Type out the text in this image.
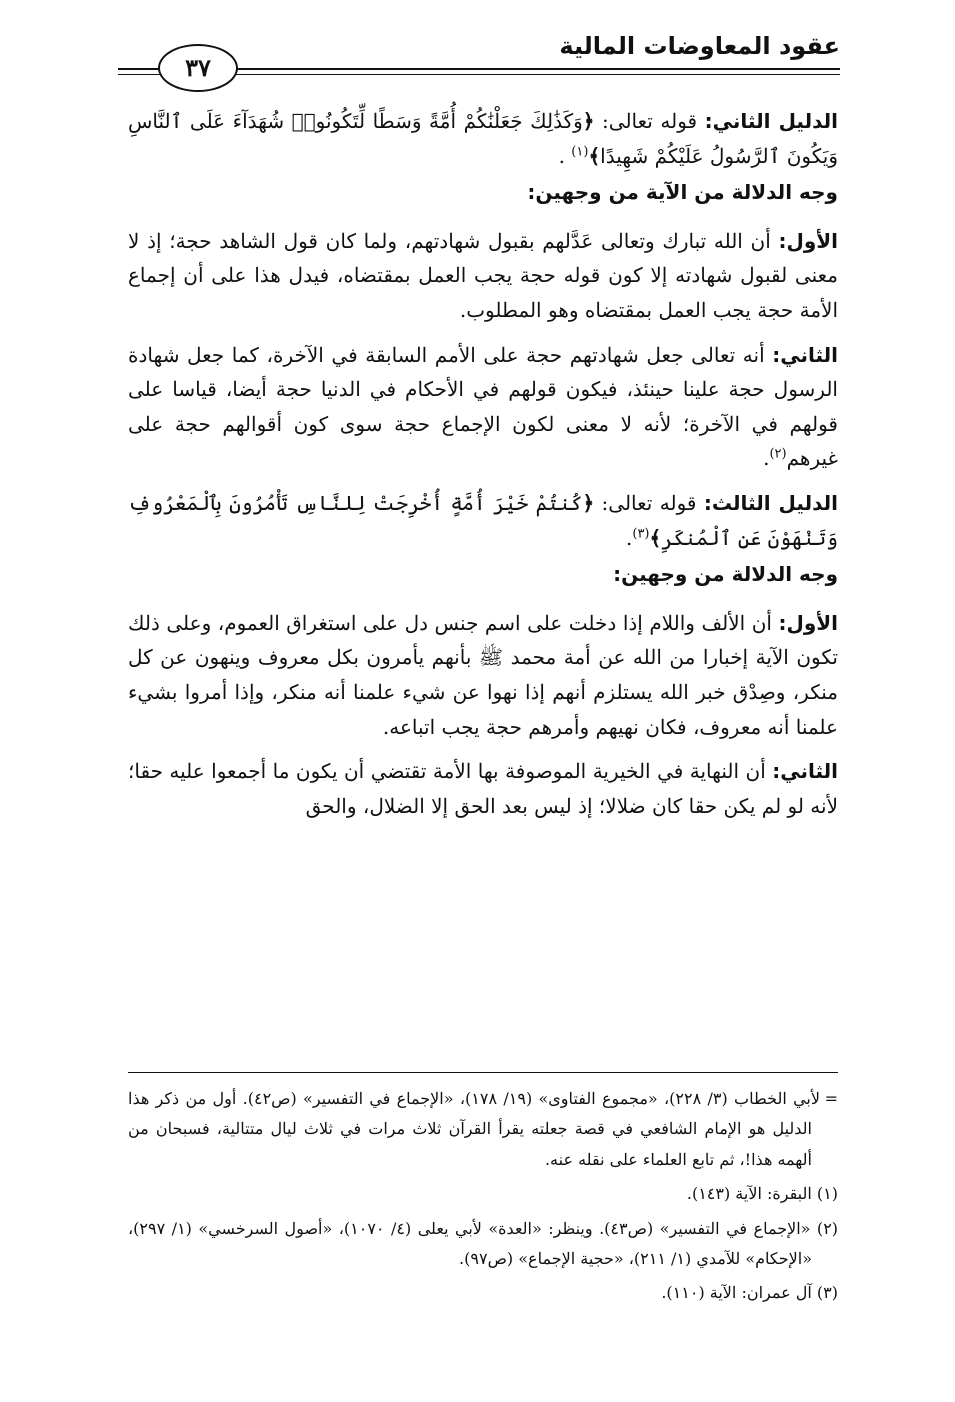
عقود المعاوضات المالية
٣٧

الدليل الثاني: قوله تعالى: ﴿وَكَذَٰلِكَ جَعَلْنَٰكُمْ أُمَّةً وَسَطًا لِّتَكُونُوا۟ شُهَدَآءَ عَلَى ٱلنَّاسِ وَيَكُونَ ٱلرَّسُولُ عَلَيْكُمْ شَهِيدًا﴾$^{(١)}$ .

وجه الدلالة من الآية من وجهين:

الأول: أن الله تبارك وتعالى عَدَّلهم بقبول شهادتهم، ولما كان قول الشاهد حجة؛ إذ لا معنى لقبول شهادته إلا كون قوله حجة يجب العمل بمقتضاه، فيدل هذا على أن إجماع الأمة حجة يجب العمل بمقتضاه وهو المطلوب.

الثاني: أنه تعالى جعل شهادتهم حجة على الأمم السابقة في الآخرة، كما جعل شهادة الرسول حجة علينا حينئذ، فيكون قولهم في الأحكام في الدنيا حجة أيضا، قياسا على قولهم في الآخرة؛ لأنه لا معنى لكون الإجماع حجة سوى كون أقوالهم حجة على غيرهم$^{(٢)}$.

الدليل الثالث: قوله تعالى: ﴿كُنتُمْ خَيْرَ أُمَّةٍ أُخْرِجَتْ لِلنَّاسِ تَأْمُرُونَ بِٱلْمَعْرُوفِ وَتَنْهَوْنَ عَنِ ٱلْمُنكَرِ﴾$^{(٣)}$.

وجه الدلالة من وجهين:

الأول: أن الألف واللام إذا دخلت على اسم جنس دل على استغراق العموم، وعلى ذلك تكون الآية إخبارا من الله عن أمة محمد ﷺ بأنهم يأمرون بكل معروف وينهون عن كل منكر، وصِدْق خبر الله يستلزم أنهم إذا نهوا عن شيء علمنا أنه منكر، وإذا أمروا بشيء علمنا أنه معروف، فكان نهيهم وأمرهم حجة يجب اتباعه.

الثاني: أن النهاية في الخيرية الموصوفة بها الأمة تقتضي أن يكون ما أجمعوا عليه حقا؛ لأنه لو لم يكن حقا كان ضلالا؛ إذ ليس بعد الحق إلا الضلال، والحق

=لأبي الخطاب (٣/ ٢٢٨)، «مجموع الفتاوى» (١٩/ ١٧٨)، «الإجماع في التفسير» (ص٤٢). أول من ذكر هذا الدليل هو الإمام الشافعي في قصة جعلته يقرأ القرآن ثلاث مرات في ثلاث ليال متتالية، فسبحان من ألهمه هذا!، ثم تابع العلماء على نقله عنه.

(١) البقرة: الآية (١٤٣).

(٢) «الإجماع في التفسير» (ص٤٣). وينظر: «العدة» لأبي يعلى (٤/ ١٠٧٠)، «أصول السرخسي» (١/ ٢٩٧)، «الإحكام» للآمدي (١/ ٢١١)، «حجية الإجماع» (ص٩٧).

(٣) آل عمران: الآية (١١٠).
